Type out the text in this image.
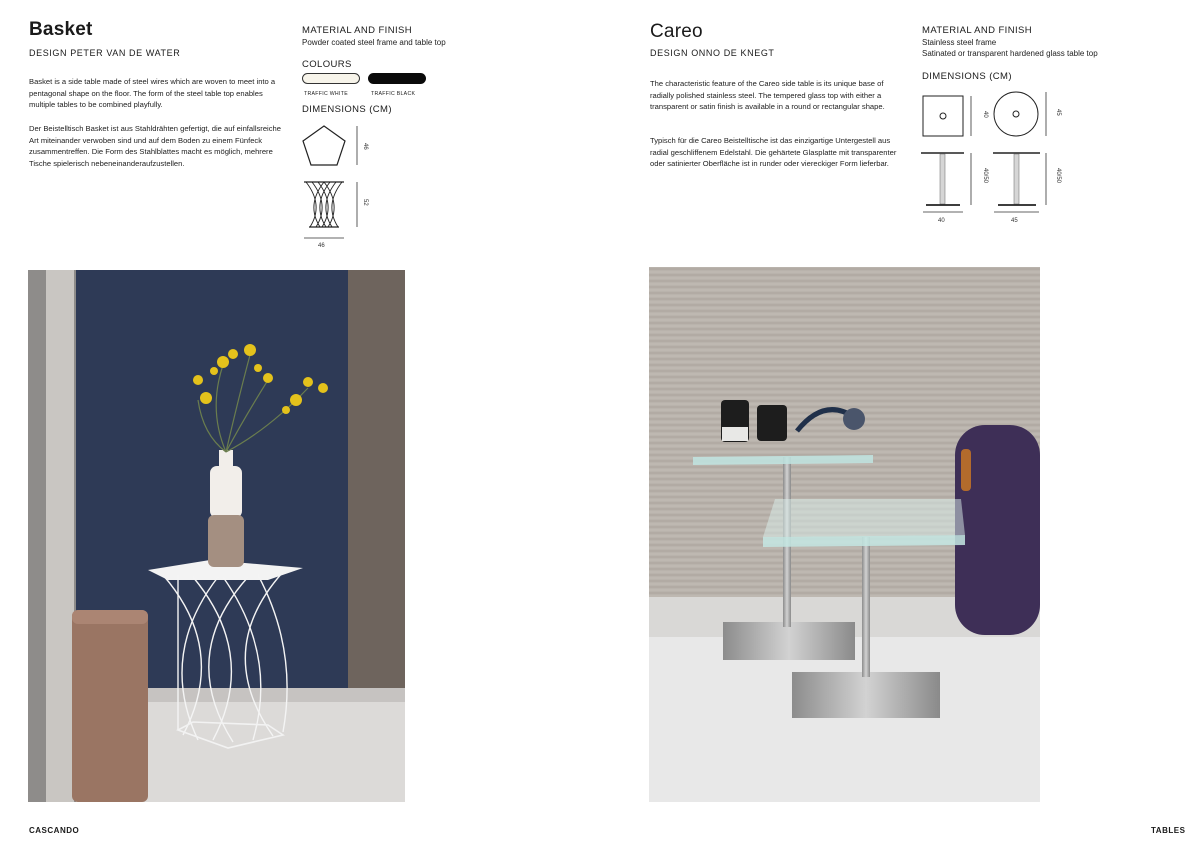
Basket
DESIGN PETER VAN DE WATER
Basket is a side table made of steel wires which are woven to meet into a pentagonal shape on the floor. The form of the steel table top enables multiple tables to be combined playfully.
Der Beistelltisch Basket ist aus Stahldrähten gefertigt, die auf einfallsreiche Art miteinander verwoben sind und auf dem Boden zu einem Fünfeck zusammentreffen. Die Form des Stahlblattes macht es möglich, mehrere Tische spielerisch nebeneinanderaufzustellen.
MATERIAL AND FINISH
Powder coated steel frame and table top
COLOURS
TRAFFIC WHITE	TRAFFIC BLACK
DIMENSIONS (CM)
46
52
46
CASCANDO
Careo
DESIGN ONNO DE KNEGT
The characteristic feature of the Careo side table is its unique base of radially polished stainless steel. The tempered glass top with either a transparent or satin finish is available in a round or rectangular shape.
Typisch für die Careo Beistelltische ist das einzigartige Untergestell aus radial geschliffenem Edelstahl. Die gehärtete Glasplatte mit transparenter oder satinierter Oberfläche ist in runder oder viereckiger Form lieferbar.
MATERIAL AND FINISH
Stainless steel frame
Satinated or transparent hardened glass table top
DIMENSIONS (CM)
40	45
40/50	40/50
40	45
TABLES
